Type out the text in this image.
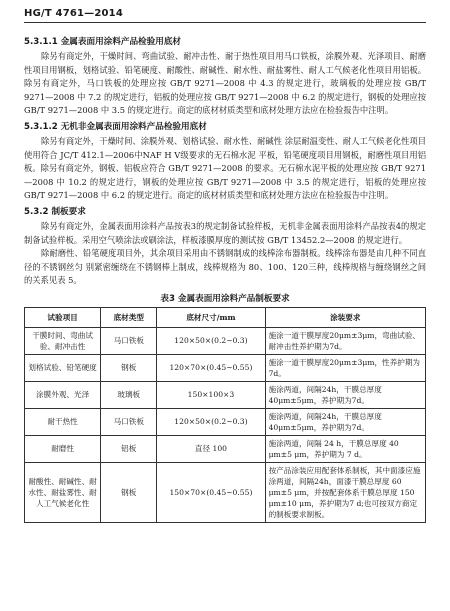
HG/T 4761—2014
5.3.1.1 金属表面用涂料产品检验用底材

除另有商定外，干燥时间、弯曲试验、耐冲击性、耐于热性项目用马口铁板，涂膜外观、光泽项目、耐磨性项目用钢板，划格试验、铅笔硬度、耐酸性、耐碱性、耐水性、耐盐雾性、耐人工气候老化性项目用铝板。除另有商定外，马口铁板的处理应按 GB/T 9271—2008 中 4.3 的规定进行，玻璃板的处理应按 GB/T 9271—2008 中 7.2 的规定进行，铝板的处理应按 GB/T 9271—2008 中 6.2 的规定进行，钢板的处理应按 GB/T 9271—2008 中 3.5 的规定进行。商定的底材材质类型和底材处理方法应在检验报告中注明。

5.3.1.2 无机非金属表面用涂料产品检验用底材

除另有商定外，干燥时间、涂膜外观、划格试验、耐水性、耐碱性 涂层耐温变性、耐人工气候老化性项目使用符合 JC/T 412.1—2006中NAF H V级要求的无石棉水泥 平板，铅笔硬度项目用钢板，耐磨性项目用铝板。除另有商定外，钢板、铝板应符合 GB/T 9271—2008 的要求。无石棉水泥平板的处理应按 GB/T 9271—2008 中 10.2 的规定进行，钢板的处理应按 GB/T 9271—2008 中 3.5 的规定进行，铝板的处理应按 GB/T 9271—2008 中 6.2 的规定进行。商定的底材材质类型和底材处理方法应在检验报告中注明。

5.3.2 制板要求

除另有商定外，金属表面用涂料产品按表3的规定制备试验样板，无机非金属表面用涂料产品按表4的规定制备试验样板。采用空气喷涂法或刷涂法，样板漆膜厚度的测试按 GB/T 13452.2—2008 的规定进行。

除耐磨性、铅笔硬度项目外，其余项目采用由不锈钢制成的线棒涂布器制板。线棒涂布器是由几种不同直径的不锈钢丝匀 别紧密缠绕在不锈钢棒上制成，线棒规格为 80、100、120三种，线棒规格与缠绕钢丝之间的关系见表 5。

表3 金属表面用涂料产品制板要求
试验项目	底材类型	底材尺寸/mm	涂装要求
干膜时间、弯曲试验、耐冲击性	马口铁板	120×50×(0.2~0.3)	施涂一道干膜厚度20μm±3μm，弯曲试验、耐冲击性养护期为7d。
划格试验、铅笔硬度	钢板	120×70×(0.45~0.55)	施涂一道干膜厚度20μm±3μm，性养护期为7d。
涂膜外观、光泽	玻璃板	150×100×3	施涂两道，间隔24h，干膜总厚度40μm±5μm，养护期为7d。
耐干热性	马口铁板	120×50×(0.2~0.3)	施涂两道，间隔24h，干膜总厚度40μm±5μm，养护期为7d。
耐磨性	铝板	直径 100	施涂两道，间隔 24 h，干膜总厚度 40 μm±5 μm，养护期为 7 d。
耐酸性、耐碱性、耐水性、耐盐雾性、耐人工气候老化性	钢板	150×70×(0.45~0.55)	按产品涂装应用配套体系制板，其中面漆应施涂两道，间隔24h，面漆干膜总厚度 60 μm±5 μm，并按配套体系干膜总厚度 150 μm±10 μm，养护期为7 d;也可按双方商定的制板要求制板。
